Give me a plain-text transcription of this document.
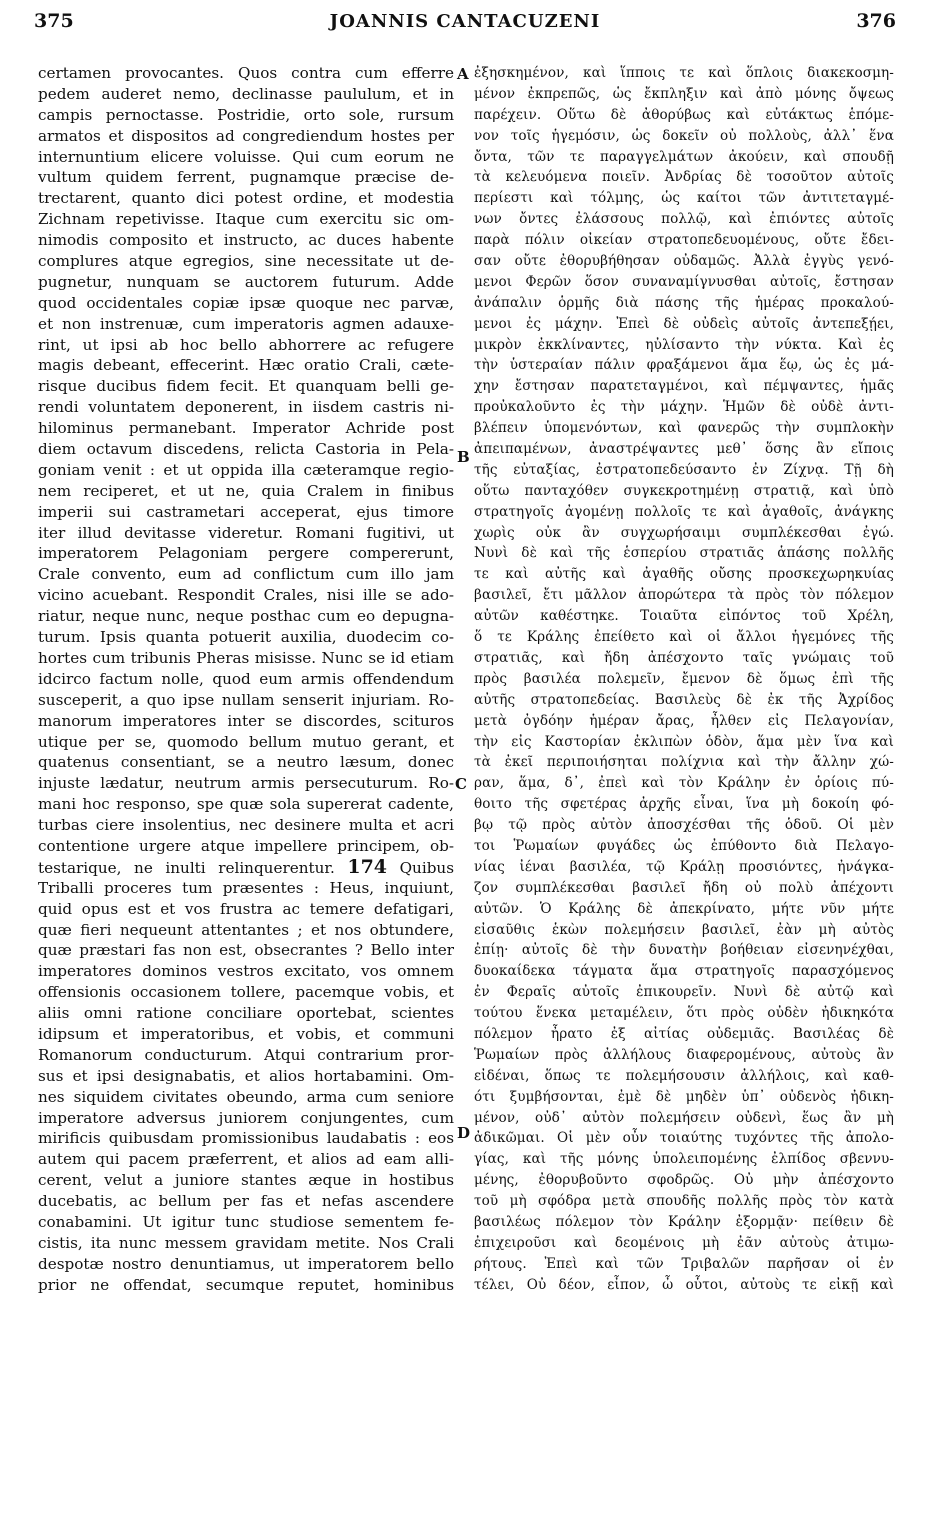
375	JOANNIS CANTACUZENI	376
certamen provocantes. Quos contra cum efferre
pedem auderet nemo, declinasse paululum, et in
campis pernoctasse. Postridie, orto sole, rursum
armatos et dispositos ad congrediendum hostes per
internuntium elicere voluisse. Qui cum eorum ne
vultum quidem ferrent, pugnamque præcise de-
trectarent, quanto dici potest ordine, et modestia
Zichnam repetivisse. Itaque cum exercitu sic om-
nimodis composito et instructo, ac duces habente
complures atque egregios, sine necessitate ut de-
pugnetur, nunquam se auctorem futurum. Adde
quod occidentales copiæ ipsæ quoque nec parvæ,
et non instrenuæ, cum imperatoris agmen adauxe-
rint, ut ipsi ab hoc bello abhorrere ac refugere
magis debeant, effecerint. Hæc oratio Crali, cæte-
risque ducibus fidem fecit. Et quanquam belli ge-
rendi voluntatem deponerent, in iisdem castris ni-
hilominus permanebant. Imperator Achride post
diem octavum discedens, relicta Castoria in Pela-
goniam venit : et ut oppida illa cæteramque regio-
nem reciperet, et ut ne, quia Cralem in finibus
imperii sui castrametari acceperat, ejus timore
iter illud devitasse videretur. Romani fugitivi, ut
imperatorem Pelagoniam pergere compererunt,
Crale convento, eum ad conflictum cum illo jam
vicino acuebant. Respondit Crales, nisi ille se ado-
riatur, neque nunc, neque posthac cum eo depugna-
turum. Ipsis quanta potuerit auxilia, duodecim co-
hortes cum tribunis Pheras misisse. Nunc se id etiam
idcirco factum nolle, quod eum armis offendendum
susceperit, a quo ipse nullam senserit injuriam. Ro-
manorum imperatores inter se discordes, scituros
utique per se, quomodo bellum mutuo gerant, et
quatenus consentiant, se a neutro læsum, donec
injuste lædatur, neutrum armis persecuturum. Ro-
mani hoc responso, spe quæ sola supererat cadente,
turbas ciere insolentius, nec desinere multa et acri
contentione urgere atque impellere principem, ob-
testarique, ne inulti relinquerentur. 174 Quibus
Triballi proceres tum præsentes : Heus, inquiunt,
quid opus est et vos frustra ac temere defatigari,
quæ fieri nequeunt attentantes ; et nos obtundere,
quæ præstari fas non est, obsecrantes ? Bello inter
imperatores dominos vestros excitato, vos omnem
offensionis occasionem tollere, pacemque vobis, et
aliis omni ratione conciliare oportebat, scientes
idipsum et imperatoribus, et vobis, et communi
Romanorum conducturum. Atqui contrarium pror-
sus et ipsi designabatis, et alios hortabamini. Om-
nes siquidem civitates obeundo, arma cum seniore
imperatore adversus juniorem conjungentes, cum
mirificis quibusdam promissionibus laudabatis : eos
autem qui pacem præferrent, et alios ad eam alli-
cerent, velut a juniore stantes æque in hostibus
ducebatis, ac bellum per fas et nefas ascendere
conabamini. Ut igitur tunc studiose sementem fe-
cistis, ita nunc messem gravidam metite. Nos Crali
despotæ nostro denuntiamus, ut imperatorem bello
prior ne offendat, secumque reputet, hominibus
ἐξησκημένον, καὶ ἵπποις τε καὶ ὅπλοις διακεκοσμη-
μένον ἐκπρεπῶς, ὡς ἔκπληξιν καὶ ἀπὸ μόνης ὄψεως
παρέχειν. Οὕτω δὲ ἀθορύβως καὶ εὐτάκτως ἑπόμε-
νον τοῖς ἡγεμόσιν, ὡς δοκεῖν οὐ πολλοὺς, ἀλλ᾽ ἕνα
ὄντα, τῶν τε παραγγελμάτων ἀκούειν, καὶ σπουδῇ
τὰ κελευόμενα ποιεῖν. Ἀνδρίας δὲ τοσοῦτον αὐτοῖς
περίεστι καὶ τόλμης, ὡς καίτοι τῶν ἀντιτεταγμέ-
νων ὄντες ἐλάσσους πολλῷ, καὶ ἐπιόντες αὐτοῖς
παρὰ πόλιν οἰκείαν στρατοπεδευομένους, οὔτε ἔδει-
σαν οὔτε ἐθορυβήθησαν οὐδαμῶς. Ἀλλὰ ἐγγὺς γενό-
μενοι Φερῶν ὅσον συναναμίγνυσθαι αὐτοῖς, ἔστησαν
ἀνάπαλιν ὁρμῆς διὰ πάσης τῆς ἡμέρας προκαλού-
μενοι ἐς μάχην. Ἐπεὶ δὲ οὐδεὶς αὐτοῖς ἀντεπεξῄει,
μικρὸν ἐκκλίναντες, ηὐλίσαντο τὴν νύκτα. Καὶ ἐς
τὴν ὑστεραίαν πάλιν φραξάμενοι ἅμα ἕῳ, ὡς ἐς μά-
χην ἔστησαν παρατεταγμένοι, καὶ πέμψαντες, ἡμᾶς
προὐκαλοῦντο ἐς τὴν μάχην. Ἡμῶν δὲ οὐδὲ ἀντι-
βλέπειν ὑπομενόντων, καὶ φανερῶς τὴν συμπλοκὴν
ἀπειπαμένων, ἀναστρέψαντες μεθ᾽ ὅσης ἂν εἴποις
τῆς εὐταξίας, ἐστρατοπεδεύσαντο ἐν Ζίχνᾳ. Τῇ δὴ
οὕτω πανταχόθεν συγκεκροτημένῃ στρατιᾷ, καὶ ὑπὸ
στρατηγοῖς ἀγομένῃ πολλοῖς τε καὶ ἀγαθοῖς, ἀνάγκης
χωρὶς οὐκ ἂν συγχωρήσαιμι συμπλέκεσθαι ἐγώ.
Νυνὶ δὲ καὶ τῆς ἑσπερίου στρατιᾶς ἁπάσης πολλῆς
τε καὶ αὐτῆς καὶ ἀγαθῆς οὔσης προσκεχωρηκυίας
βασιλεῖ, ἔτι μᾶλλον ἀπορώτερα τὰ πρὸς τὸν πόλεμον
αὐτῶν καθέστηκε. Τοιαῦτα εἰπόντος τοῦ Χρέλη,
ὅ τε Κράλης ἐπείθετο καὶ οἱ ἄλλοι ἡγεμόνες τῆς
στρατιᾶς, καὶ ἤδη ἀπέσχοντο ταῖς γνώμαις τοῦ
πρὸς βασιλέα πολεμεῖν, ἔμενον δὲ ὅμως ἐπὶ τῆς
αὐτῆς στρατοπεδείας. Βασιλεὺς δὲ ἐκ τῆς Ἀχρίδος
μετὰ ὀγδόην ἡμέραν ἄρας, ἦλθεν εἰς Πελαγονίαν,
τὴν εἰς Καστορίαν ἐκλιπὼν ὁδὸν, ἅμα μὲν ἵνα καὶ
τὰ ἐκεῖ περιποιήσηται πολίχνια καὶ τὴν ἄλλην χώ-
ραν, ἅμα, δ᾽, ἐπεὶ καὶ τὸν Κράλην ἐν ὁρίοις πύ-
θοιτο τῆς σφετέρας ἀρχῆς εἶναι, ἵνα μὴ δοκοίη φό-
βῳ τῷ πρὸς αὐτὸν ἀποσχέσθαι τῆς ὁδοῦ. Οἱ μὲν
τοι Ῥωμαίων φυγάδες ὡς ἐπύθοντο διὰ Πελαγο-
νίας ἰέναι βασιλέα, τῷ Κράλῃ προσιόντες, ἠνάγκα-
ζον συμπλέκεσθαι βασιλεῖ ἤδη οὐ πολὺ ἀπέχοντι
αὐτῶν. Ὁ Κράλης δὲ ἀπεκρίνατο, μήτε νῦν μήτε
εἰσαῦθις ἑκὼν πολεμήσειν βασιλεῖ, ἐὰν μὴ αὐτὸς
ἐπίῃ· αὐτοῖς δὲ τὴν δυνατὴν βοήθειαν εἰσενηνέχθαι,
δυοκαίδεκα τάγματα ἅμα στρατηγοῖς παρασχόμενος
ἐν Φεραῖς αὐτοῖς ἐπικουρεῖν. Νυνὶ δὲ αὐτῷ καὶ
τούτου ἕνεκα μεταμέλειν, ὅτι πρὸς οὐδὲν ἠδικηκότα
πόλεμον ἦρατο ἐξ αἰτίας οὐδεμιᾶς. Βασιλέας δὲ
Ῥωμαίων πρὸς ἀλλήλους διαφερομένους, αὐτοὺς ἂν
εἰδέναι, ὅπως τε πολεμήσουσιν ἀλλήλοις, καὶ καθ-
ότι ξυμβήσονται, ἐμὲ δὲ μηδὲν ὑπ᾽ οὐδενὸς ἠδικη-
μένον, οὐδ᾽ αὐτὸν πολεμήσειν οὐδενὶ, ἕως ἂν μὴ
ἀδικῶμαι. Οἱ μὲν οὖν τοιαύτης τυχόντες τῆς ἀπολο-
γίας, καὶ τῆς μόνης ὑπολειπομένης ἐλπίδος σβεννυ-
μένης, ἐθορυβοῦντο σφοδρῶς. Οὐ μὴν ἀπέσχοντο
τοῦ μὴ σφόδρα μετὰ σπουδῆς πολλῆς πρὸς τὸν κατὰ
βασιλέως πόλεμον τὸν Κράλην ἐξορμᾷν· πείθειν δὲ
ἐπιχειροῦσι καὶ δεομένοις μὴ ἐᾶν αὐτοὺς ἀτιμω-
ρήτους. Ἐπεὶ καὶ τῶν Τριβαλῶν παρῆσαν οἱ ἐν
τέλει, Οὐ δέον, εἶπον, ὦ οὗτοι, αὐτοὺς τε εἰκῇ καὶ
A
B
C
D
